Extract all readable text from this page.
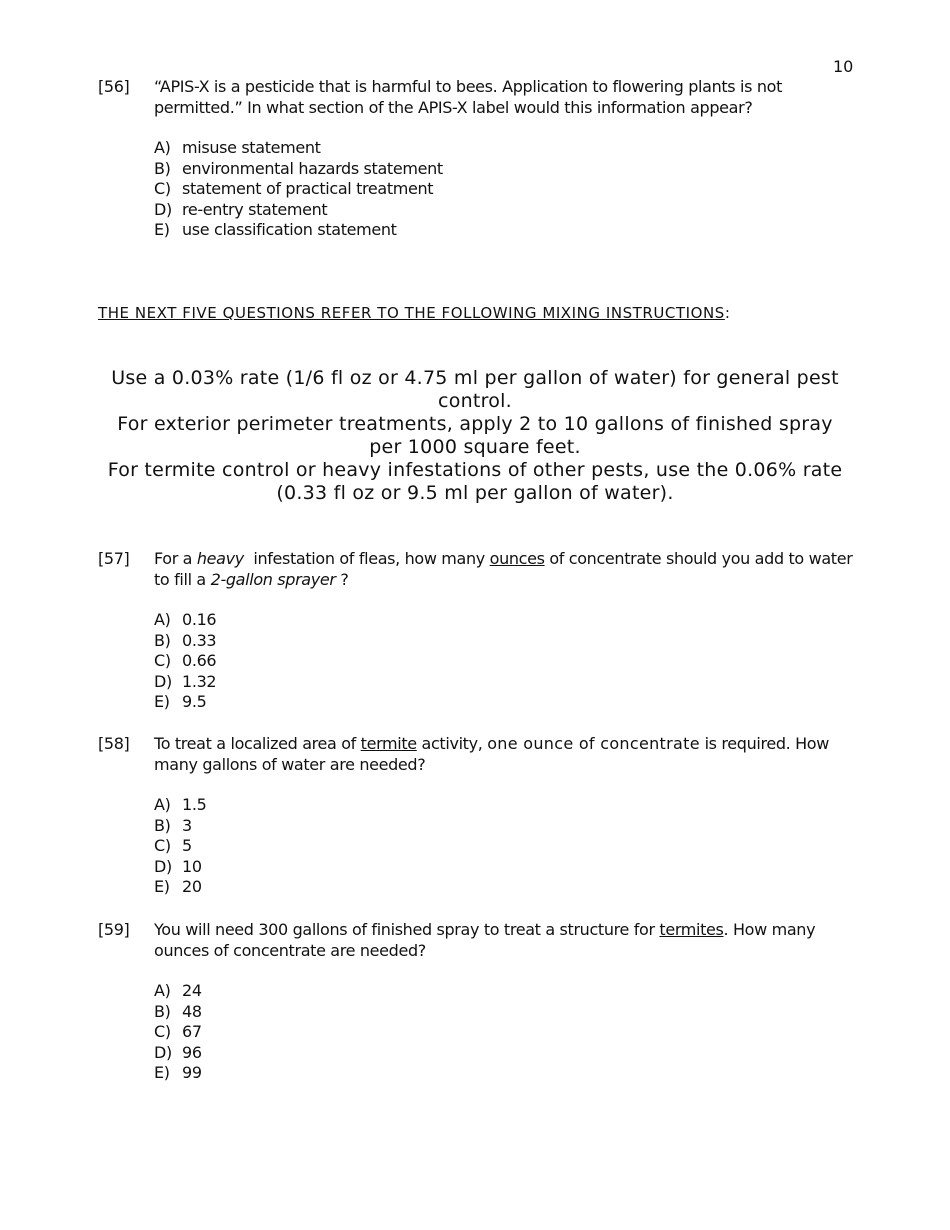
10
[56] “APIS-X is a pesticide that is harmful to bees. Application to flowering plants is not permitted.” In what section of the APIS-X label would this information appear?
A) misuse statement
B) environmental hazards statement
C) statement of practical treatment
D) re-entry statement
E) use classification statement
THE NEXT FIVE QUESTIONS REFER TO THE FOLLOWING MIXING INSTRUCTIONS:

Use a 0.03% rate (1/6 fl oz or 4.75 ml per gallon of water) for general pest control.

For exterior perimeter treatments, apply 2 to 10 gallons of finished spray per 1000 square feet.

For termite control or heavy infestations of other pests, use the 0.06% rate (0.33 fl oz or 9.5 ml per gallon of water).

[57] For a heavy  infestation of fleas, how many ounces of concentrate should you add to water to fill a 2-gallon sprayer ?
A) 0.16
B) 0.33
C) 0.66
D) 1.32
E) 9.5
[58] To treat a localized area of termite activity, one ounce of concentrate is required. How many gallons of water are needed?
A) 1.5
B) 3
C) 5
D) 10
E) 20
[59] You will need 300 gallons of finished spray to treat a structure for termites. How many ounces of concentrate are needed?
A) 24
B) 48
C) 67
D) 96
E) 99
